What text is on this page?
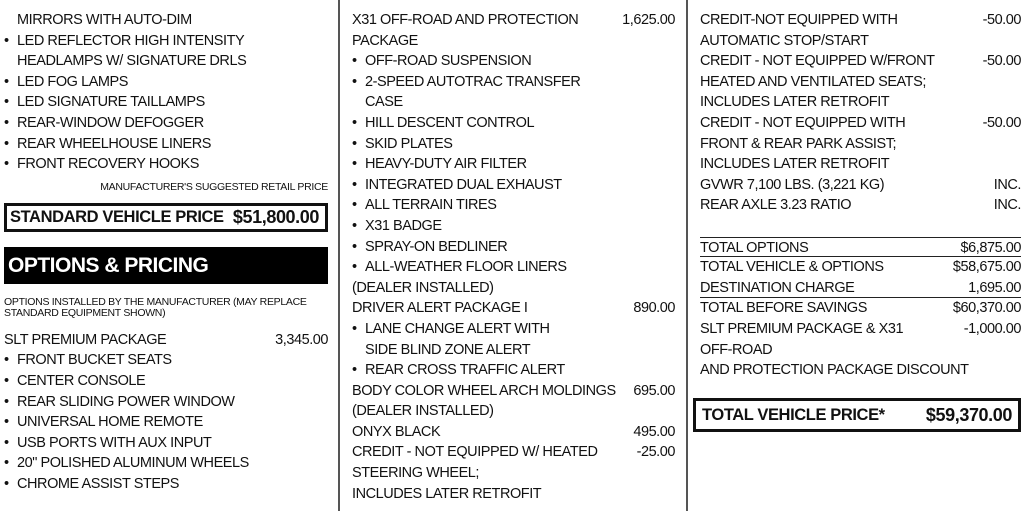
MIRRORS WITH AUTO-DIM
• LED REFLECTOR HIGH INTENSITY
HEADLAMPS W/ SIGNATURE DRLS
• LED FOG LAMPS
• LED SIGNATURE TAILLAMPS
• REAR-WINDOW DEFOGGER
• REAR WHEELHOUSE LINERS
• FRONT RECOVERY HOOKS
MANUFACTURER'S SUGGESTED RETAIL PRICE
STANDARD VEHICLE PRICE $51,800.00
OPTIONS & PRICING
OPTIONS INSTALLED BY THE MANUFACTURER (MAY REPLACE STANDARD EQUIPMENT SHOWN)
SLT PREMIUM PACKAGE	3,345.00
• FRONT BUCKET SEATS
• CENTER CONSOLE
• REAR SLIDING POWER WINDOW
• UNIVERSAL HOME REMOTE
• USB PORTS WITH AUX INPUT
• 20" POLISHED ALUMINUM WHEELS
• CHROME ASSIST STEPS
X31 OFF-ROAD AND PROTECTION	1,625.00
PACKAGE
• OFF-ROAD SUSPENSION
• 2-SPEED AUTOTRAC TRANSFER
CASE
• HILL DESCENT CONTROL
• SKID PLATES
• HEAVY-DUTY AIR FILTER
• INTEGRATED DUAL EXHAUST
• ALL TERRAIN TIRES
• X31 BADGE
• SPRAY-ON BEDLINER
• ALL-WEATHER FLOOR LINERS
(DEALER INSTALLED)
DRIVER ALERT PACKAGE I	890.00
• LANE CHANGE ALERT WITH
SIDE BLIND ZONE ALERT
• REAR CROSS TRAFFIC ALERT
BODY COLOR WHEEL ARCH MOLDINGS 695.00
(DEALER INSTALLED)
ONYX BLACK	495.00
CREDIT - NOT EQUIPPED W/ HEATED	-25.00
STEERING WHEEL;
INCLUDES LATER RETROFIT
CREDIT-NOT EQUIPPED WITH	-50.00
AUTOMATIC STOP/START
CREDIT - NOT EQUIPPED W/FRONT	-50.00
HEATED AND VENTILATED SEATS;
INCLUDES LATER RETROFIT
CREDIT - NOT EQUIPPED WITH	-50.00
FRONT & REAR PARK ASSIST;
INCLUDES LATER RETROFIT
GVWR 7,100 LBS. (3,221 KG)	INC.
REAR AXLE 3.23 RATIO	INC.
TOTAL OPTIONS	$6,875.00
TOTAL VEHICLE & OPTIONS	$58,675.00
DESTINATION CHARGE	1,695.00
TOTAL BEFORE SAVINGS	$60,370.00
SLT PREMIUM PACKAGE & X31	-1,000.00
OFF-ROAD
AND PROTECTION PACKAGE DISCOUNT
TOTAL VEHICLE PRICE* $59,370.00
